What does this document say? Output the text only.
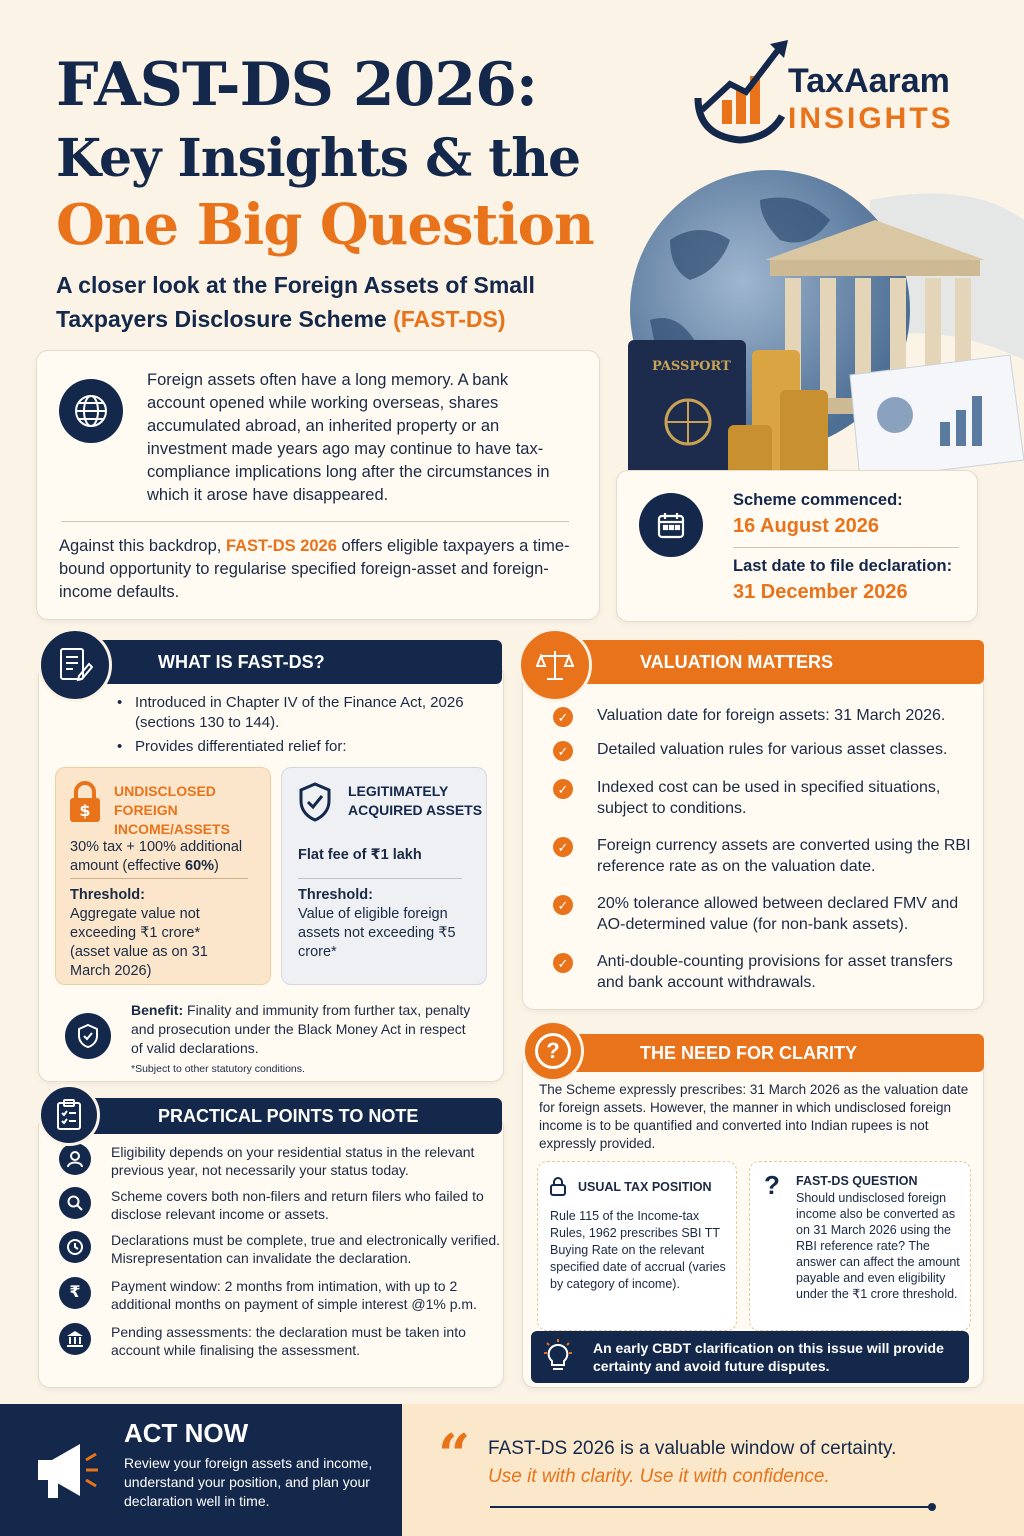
FAST-DS 2026:
Key Insights & the
One Big Question
A closer look at the Foreign Assets of Small Taxpayers Disclosure Scheme (FAST-DS)
TaxAaram
INSIGHTS
PASSPORT
Foreign assets often have a long memory. A bank account opened while working overseas, shares accumulated abroad, an inherited property or an investment made years ago may continue to have tax-compliance implications long after the circumstances in which it arose have disappeared.
Against this backdrop, FAST-DS 2026 offers eligible taxpayers a time-bound opportunity to regularise specified foreign-asset and foreign-income defaults.
Scheme commenced:
16 August 2026
Last date to file declaration:
31 December 2026
• Introduced in Chapter IV of the Finance Act, 2026 (sections 130 to 144).
• Provides differentiated relief for:
$
UNDISCLOSED FOREIGN INCOME/ASSETS
30% tax + 100% additional amount (effective 60%)
Threshold:
Aggregate value not exceeding ₹1 crore* (asset value as on 31 March 2026)
LEGITIMATELY ACQUIRED ASSETS
Flat fee of ₹1 lakh
Threshold:
Value of eligible foreign assets not exceeding ₹5 crore*
Benefit: Finality and immunity from further tax, penalty and prosecution under the Black Money Act in respect of valid declarations.
*Subject to other statutory conditions.
WHAT IS FAST-DS?
✓ Valuation date for foreign assets: 31 March 2026.
✓ Detailed valuation rules for various asset classes.
✓ Indexed cost can be used in specified situations, subject to conditions.
✓ Foreign currency assets are converted using the RBI reference rate as on the valuation date.
✓ 20% tolerance allowed between declared FMV and AO-determined value (for non-bank assets).
✓ Anti-double-counting provisions for asset transfers and bank account withdrawals.
VALUATION MATTERS
Eligibility depends on your residential status in the relevant previous year, not necessarily your status today.
Scheme covers both non-filers and return filers who failed to disclose relevant income or assets.
Declarations must be complete, true and electronically verified. Misrepresentation can invalidate the declaration.
₹ Payment window: 2 months from intimation, with up to 2 additional months on payment of simple interest @1% p.m.
Pending assessments: the declaration must be taken into account while finalising the assessment.
PRACTICAL POINTS TO NOTE
The Scheme expressly prescribes: 31 March 2026 as the valuation date for foreign assets. However, the manner in which undisclosed foreign income is to be quantified and converted into Indian rupees is not expressly provided.
USUAL TAX POSITION
Rule 115 of the Income-tax Rules, 1962 prescribes SBI TT Buying Rate on the relevant specified date of accrual (varies by category of income).
? FAST-DS QUESTION
Should undisclosed foreign income also be converted as on 31 March 2026 using the RBI reference rate? The answer can affect the amount payable and even eligibility under the ₹1 crore threshold.
An early CBDT clarification on this issue will provide certainty and avoid future disputes.
THE NEED FOR CLARITY
?
ACT NOW
Review your foreign assets and income, understand your position, and plan your declaration well in time.
“ FAST-DS 2026 is a valuable window of certainty.
Use it with clarity. Use it with confidence.
